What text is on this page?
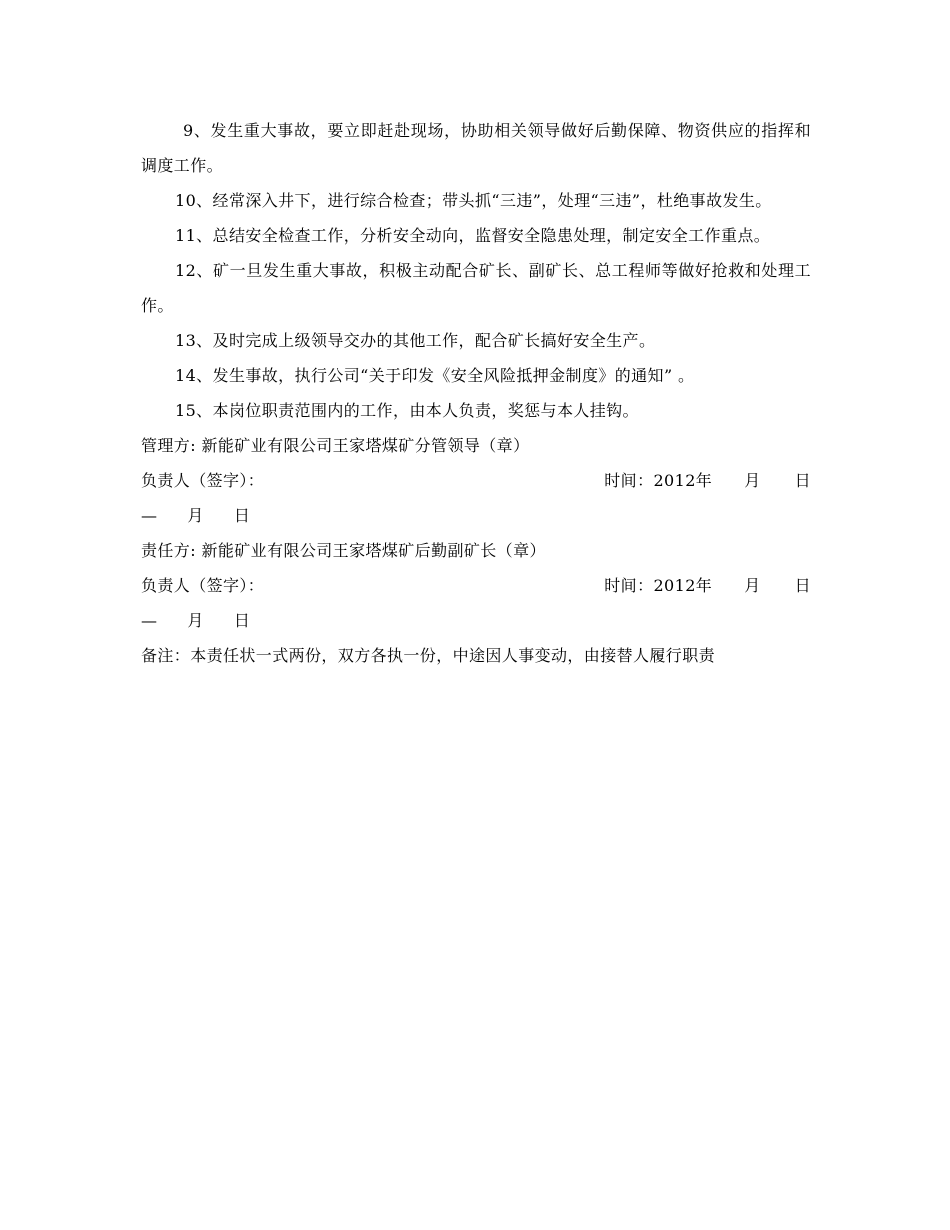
9、发生重大事故，要立即赶赴现场，协助相关领导做好后勤保障、物资供应的指挥和调度工作。

10、经常深入井下，进行综合检查；带头抓“三违”，处理“三违”，杜绝事故发生。

11、总结安全检查工作，分析安全动向，监督安全隐患处理，制定安全工作重点。

12、矿一旦发生重大事故，积极主动配合矿长、副矿长、总工程师等做好抢救和处理工作。

13、及时完成上级领导交办的其他工作，配合矿长搞好安全生产。

14、发生事故，执行公司“关于印发《安全风险抵押金制度》的通知” 。

15、本岗位职责范围内的工作，由本人负责，奖惩与本人挂钩。

管理方: 新能矿业有限公司王家塔煤矿分管领导（章）
负责人（签字）：	时间：2012年 月 日
— 月 日
责任方: 新能矿业有限公司王家塔煤矿后勤副矿长（章）
负责人（签字）：	时间：2012年 月 日
— 月 日
备注：本责任状一式两份，双方各执一份，中途因人事变动，由接替人履行职责
